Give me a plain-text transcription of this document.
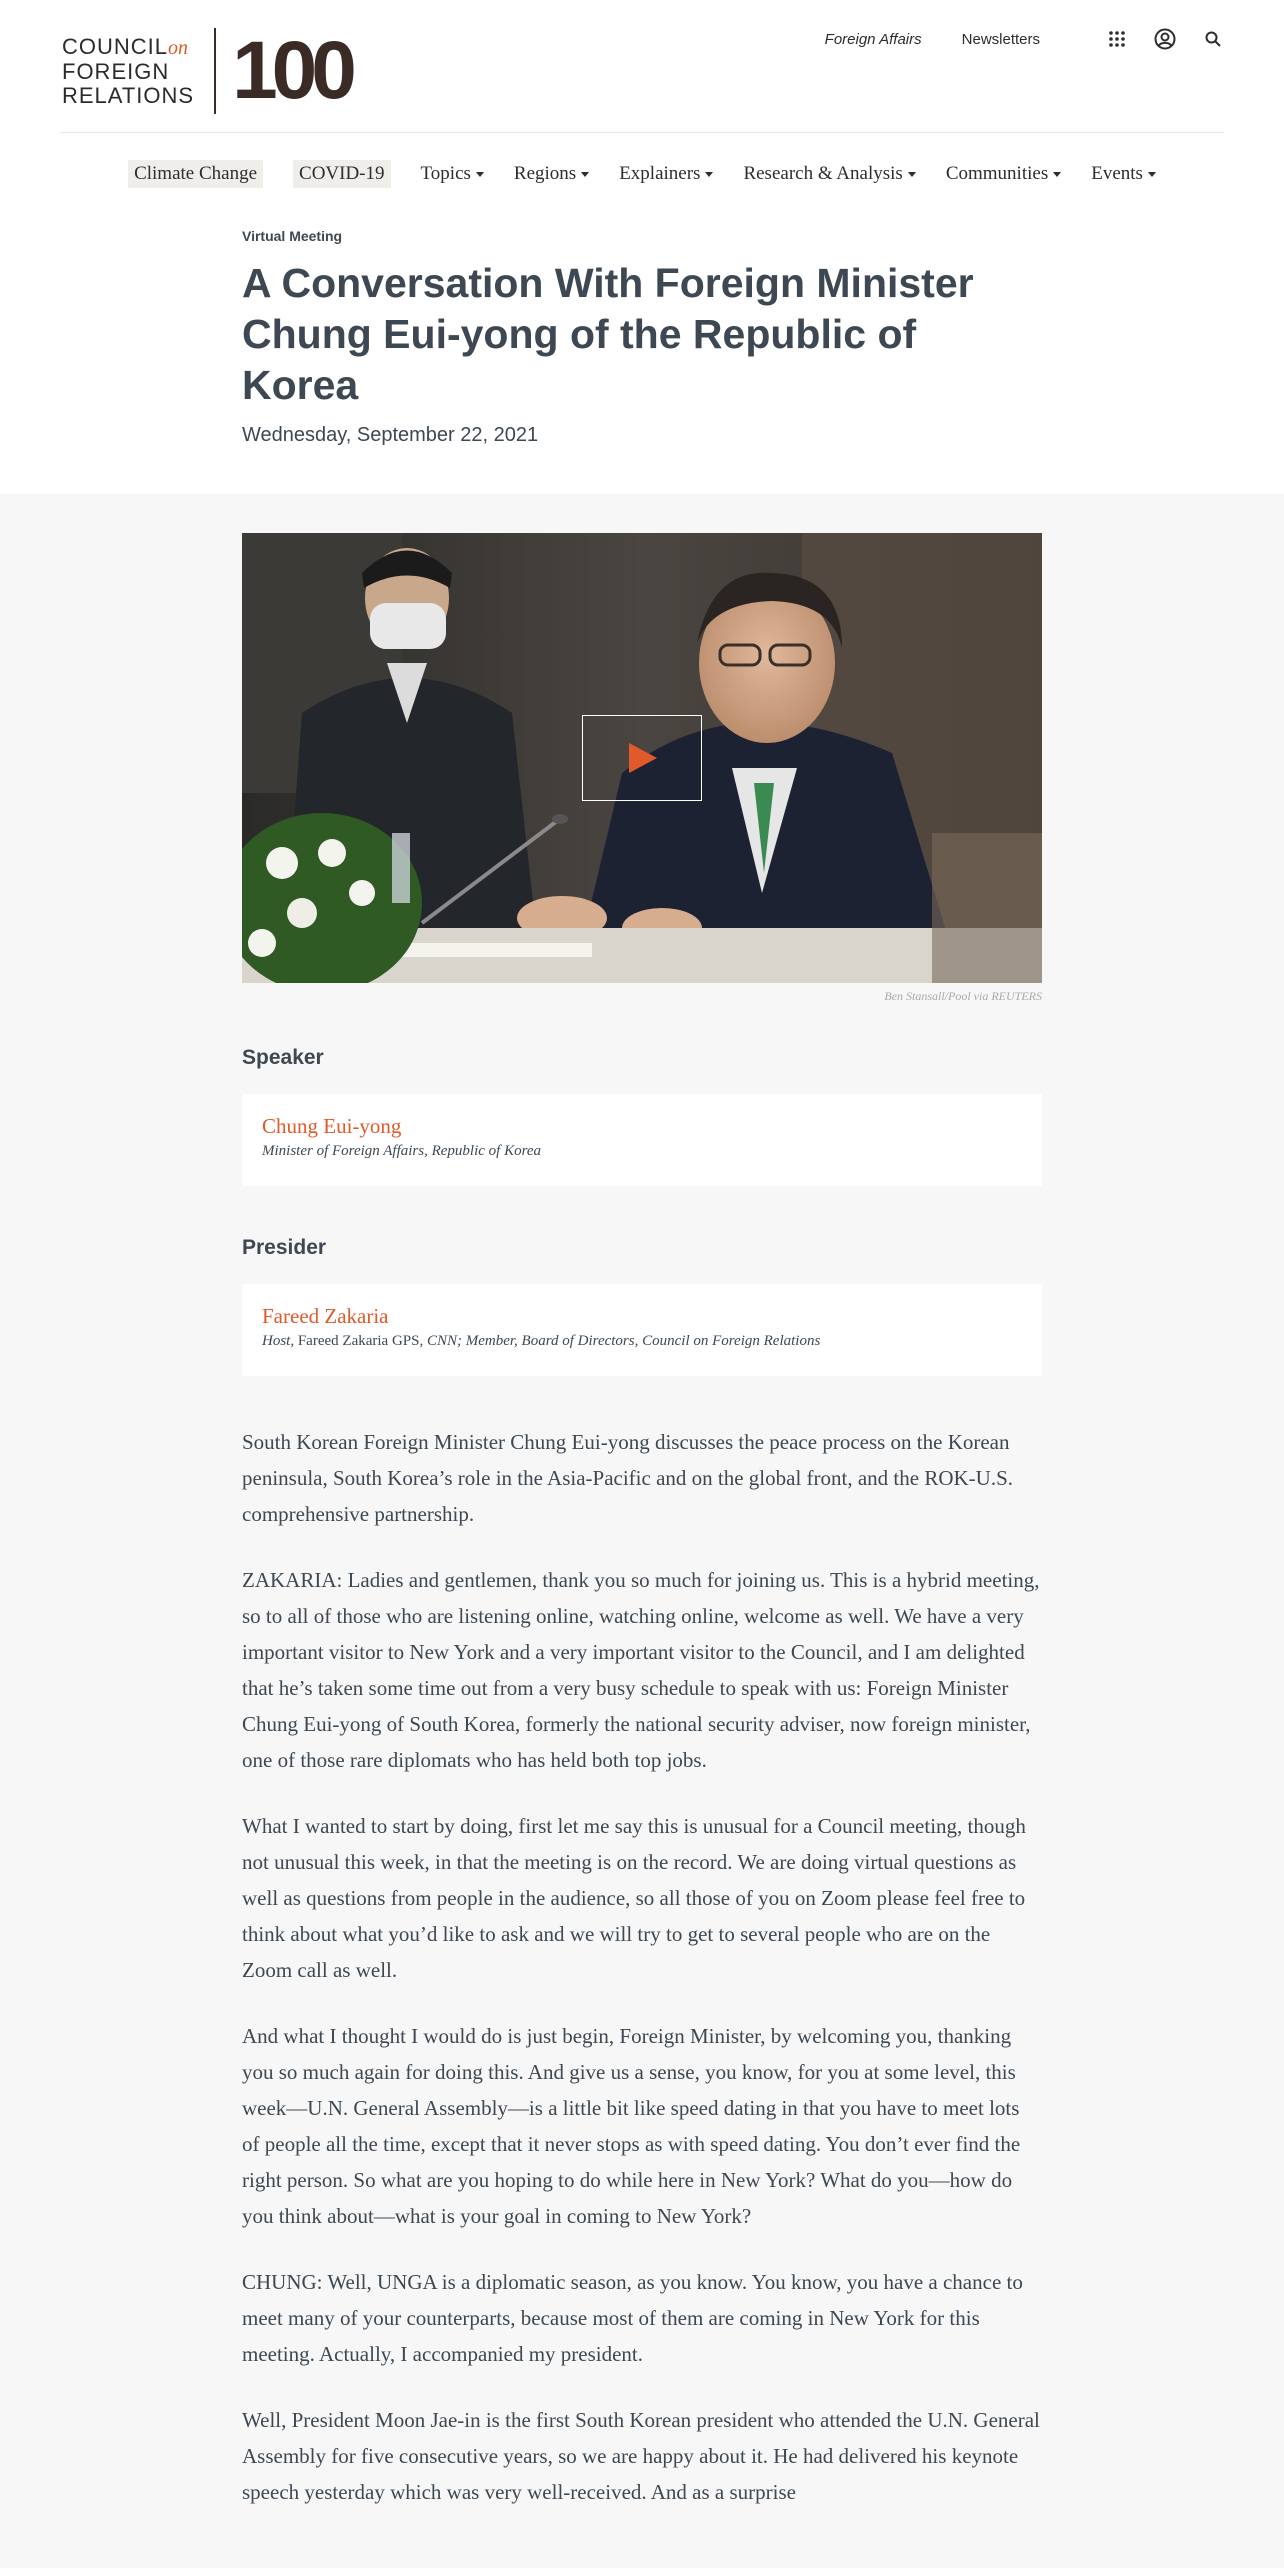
COUNCILon
FOREIGN
RELATIONS 100	Foreign Affairs	Newsletters
Climate Change COVID-19 Topics Regions Explainers Research & Analysis Communities Events
Virtual Meeting
A Conversation With Foreign Minister Chung Eui-yong of the Republic of Korea
Wednesday, September 22, 2021
Ben Stansall/Pool via REUTERS
Speaker
Chung Eui-yong
Minister of Foreign Affairs, Republic of Korea
Presider
Fareed Zakaria
Host, Fareed Zakaria GPS, CNN; Member, Board of Directors, Council on Foreign Relations

South Korean Foreign Minister Chung Eui-yong discusses the peace process on the Korean peninsula, South Korea’s role in the Asia-Pacific and on the global front, and the ROK-U.S. comprehensive partnership.

ZAKARIA: Ladies and gentlemen, thank you so much for joining us. This is a hybrid meeting, so to all of those who are listening online, watching online, welcome as well. We have a very important visitor to New York and a very important visitor to the Council, and I am delighted that he’s taken some time out from a very busy schedule to speak with us: Foreign Minister Chung Eui-yong of South Korea, formerly the national security adviser, now foreign minister, one of those rare diplomats who has held both top jobs.

What I wanted to start by doing, first let me say this is unusual for a Council meeting, though not unusual this week, in that the meeting is on the record. We are doing virtual questions as well as questions from people in the audience, so all those of you on Zoom please feel free to think about what you’d like to ask and we will try to get to several people who are on the Zoom call as well.

And what I thought I would do is just begin, Foreign Minister, by welcoming you, thanking you so much again for doing this. And give us a sense, you know, for you at some level, this week—U.N. General Assembly—is a little bit like speed dating in that you have to meet lots of people all the time, except that it never stops as with speed dating. You don’t ever find the right person. So what are you hoping to do while here in New York? What do you—how do you think about—what is your goal in coming to New York?

CHUNG: Well, UNGA is a diplomatic season, as you know. You know, you have a chance to meet many of your counterparts, because most of them are coming in New York for this meeting. Actually, I accompanied my president.

Well, President Moon Jae-in is the first South Korean president who attended the U.N. General Assembly for five consecutive years, so we are happy about it. He had delivered his keynote speech yesterday which was very well-received. And as a surprise
